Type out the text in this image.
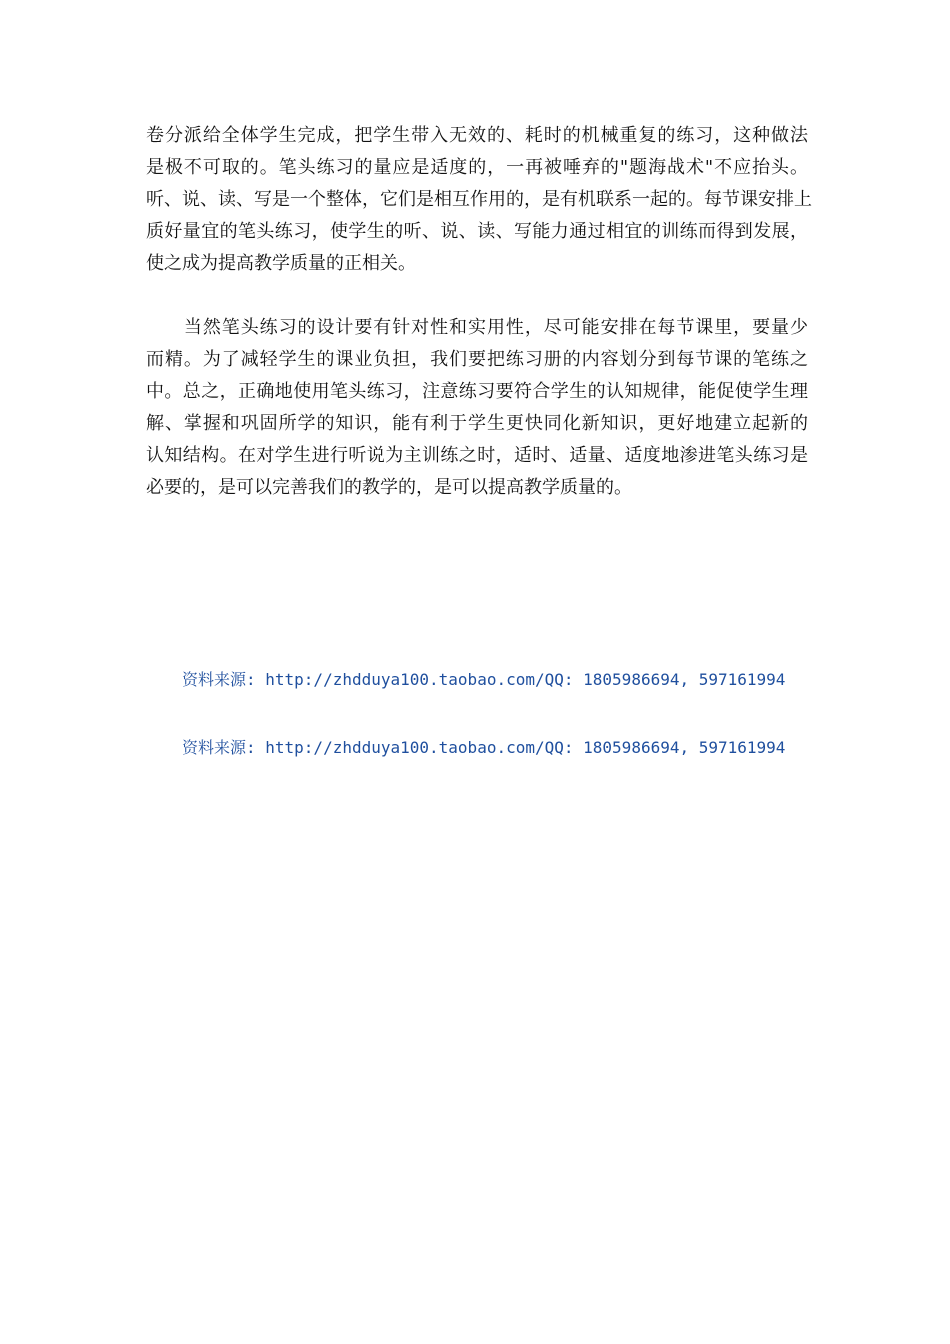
卷分派给全体学生完成，把学生带入无效的、耗时的机械重复的练习，这种做法
是极不可取的。笔头练习的量应是适度的，一再被唾弃的"题海战术"不应抬头。
听、说、读、写是一个整体，它们是相互作用的，是有机联系一起的。每节课安排上
质好量宜的笔头练习，使学生的听、说、读、写能力通过相宜的训练而得到发展，
使之成为提高教学质量的正相关。
　　当然笔头练习的设计要有针对性和实用性，尽可能安排在每节课里，要量少
而精。为了减轻学生的课业负担，我们要把练习册的内容划分到每节课的笔练之
中。总之，正确地使用笔头练习，注意练习要符合学生的认知规律，能促使学生理
解、掌握和巩固所学的知识，能有利于学生更快同化新知识，更好地建立起新的
认知结构。在对学生进行听说为主训练之时，适时、适量、适度地渗进笔头练习是
必要的，是可以完善我们的教学的，是可以提高教学质量的。
资料来源: http://zhdduya100.taobao.com/QQ: 1805986694, 597161994
资料来源: http://zhdduya100.taobao.com/QQ: 1805986694, 597161994
